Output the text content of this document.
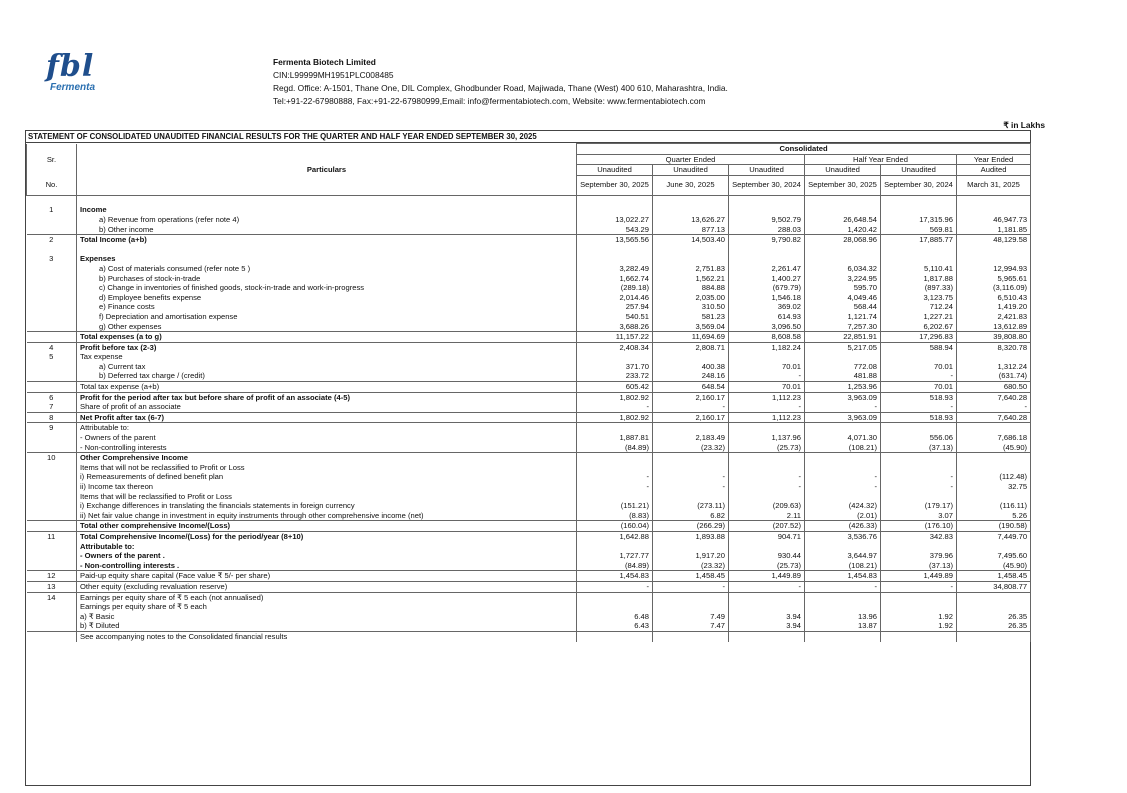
fbl
Fermenta
Fermenta Biotech Limited
CIN:L99999MH1951PLC008485
Regd. Office: A-1501, Thane One, DIL Complex, Ghodbunder Road, Majiwada, Thane (West) 400 610, Maharashtra, India.
Tel:+91-22-67980888, Fax:+91-22-67980999,Email: info@fermentabiotech.com, Website: www.fermentabiotech.com
₹ in Lakhs
STATEMENT OF CONSOLIDATED UNAUDITED FINANCIAL RESULTS FOR THE QUARTER AND HALF YEAR ENDED SEPTEMBER 30, 2025
		Consolidated					
Sr.		Quarter Ended			Half Year Ended		Year Ended
	Particulars	Unaudited	Unaudited	Unaudited	Unaudited	Unaudited	Audited
No.		September 30, 2025	June 30, 2025	September 30, 2024	September 30, 2025	September 30, 2024	March 31, 2025

1	Income						
	a) Revenue from operations (refer note 4)	13,022.27	13,626.27	9,502.79	26,648.54	17,315.96	46,947.73
	b) Other income	543.29	877.13	288.03	1,420.42	569.81	1,181.85
2	Total Income (a+b)	13,565.56	14,503.40	9,790.82	28,068.96	17,885.77	48,129.58

3	Expenses						
	a) Cost of materials consumed (refer note 5 )	3,282.49	2,751.83	2,261.47	6,034.32	5,110.41	12,994.93
	b) Purchases of stock-in-trade	1,662.74	1,562.21	1,400.27	3,224.95	1,817.88	5,965.61
	c) Change in inventories of finished goods, stock-in-trade and work-in-progress	(289.18)	884.88	(679.79)	595.70	(897.33)	(3,116.09)
	d) Employee benefits expense	2,014.46	2,035.00	1,546.18	4,049.46	3,123.75	6,510.43
	e) Finance costs	257.94	310.50	369.02	568.44	712.24	1,419.20
	f) Depreciation and amortisation expense	540.51	581.23	614.93	1,121.74	1,227.21	2,421.83
	g) Other expenses	3,688.26	3,569.04	3,096.50	7,257.30	6,202.67	13,612.89
	Total expenses (a to g)	11,157.22	11,694.69	8,608.58	22,851.91	17,296.83	39,808.80
4	Profit before tax (2-3)	2,408.34	2,808.71	1,182.24	5,217.05	588.94	8,320.78
5	Tax expense						
	a) Current tax	371.70	400.38	70.01	772.08	70.01	1,312.24
	b) Deferred tax charge / (credit)	233.72	248.16	-	481.88	-	(631.74)
	Total tax expense (a+b)	605.42	648.54	70.01	1,253.96	70.01	680.50
6	Profit for the period after tax but before share of profit of an associate (4-5)	1,802.92	2,160.17	1,112.23	3,963.09	518.93	7,640.28
7	Share of profit of an associate	-	-	-	-	-	-
8	Net Profit after tax (6-7)	1,802.92	2,160.17	1,112.23	3,963.09	518.93	7,640.28
9	Attributable to:						
	- Owners of the parent	1,887.81	2,183.49	1,137.96	4,071.30	556.06	7,686.18
	- Non-controlling interests	(84.89)	(23.32)	(25.73)	(108.21)	(37.13)	(45.90)
10	Other Comprehensive Income						
	Items that will not be reclassified to Profit or Loss						
	i) Remeasurements of defined benefit plan	-	-	-	-	-	(112.48)
	ii) Income tax thereon	-	-	-	-	-	32.75
	Items that will be reclassified to Profit or Loss						
	i) Exchange differences in translating the financials statements in foreign currency	(151.21)	(273.11)	(209.63)	(424.32)	(179.17)	(116.11)
	ii) Net fair value change in investment in equity instruments through other comprehensive income (net)	(8.83)	6.82	2.11	(2.01)	3.07	5.26
	Total other comprehensive Income/(Loss)	(160.04)	(266.29)	(207.52)	(426.33)	(176.10)	(190.58)
11	Total Comprehensive Income/(Loss) for the period/year (8+10)	1,642.88	1,893.88	904.71	3,536.76	342.83	7,449.70
	Attributable to:						
	- Owners of the parent .	1,727.77	1,917.20	930.44	3,644.97	379.96	7,495.60
	- Non-controlling interests .	(84.89)	(23.32)	(25.73)	(108.21)	(37.13)	(45.90)
12	Paid-up equity share capital (Face value ₹ 5/- per share)	1,454.83	1,458.45	1,449.89	1,454.83	1,449.89	1,458.45
13	Other equity (excluding revaluation reserve)	-	-	-	-	-	34,808.77
14	Earnings per equity share of ₹ 5 each (not annualised)						
	Earnings per equity share of ₹ 5 each						
	a) ₹ Basic	6.48	7.49	3.94	13.96	1.92	26.35
	b) ₹ Diluted	6.43	7.47	3.94	13.87	1.92	26.35
	See accompanying notes to the Consolidated financial results						
